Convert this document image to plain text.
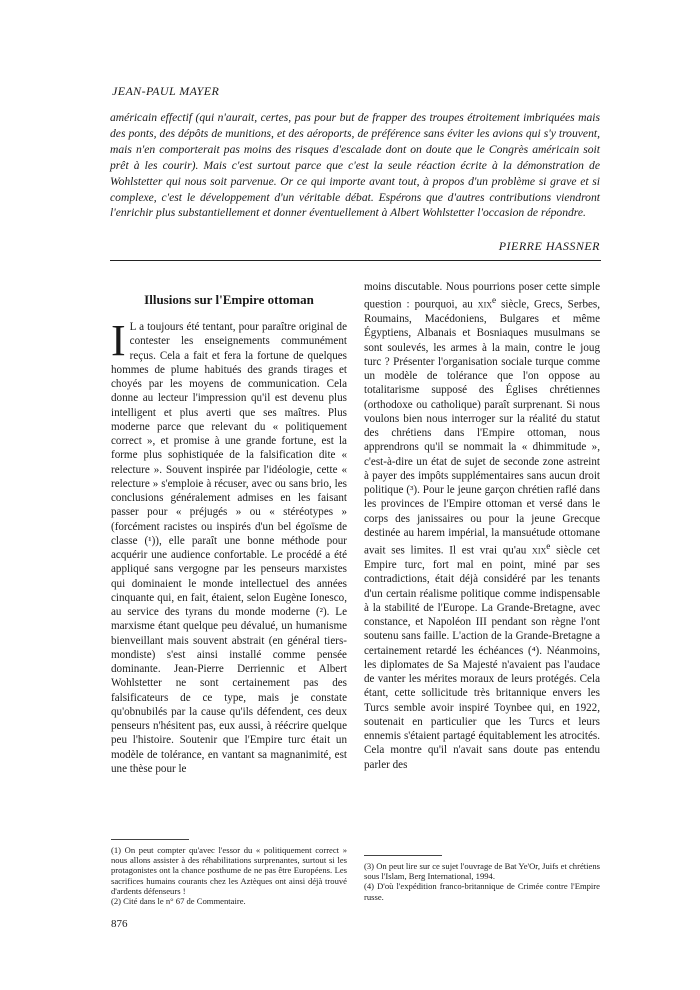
JEAN-PAUL MAYER

américain effectif (qui n'aurait, certes, pas pour but de frapper des troupes étroitement imbriquées mais des ponts, des dépôts de munitions, et des aéroports, de préférence sans éviter les avions qui s'y trouvent, mais n'en comporterait pas moins des risques d'escalade dont on doute que le Congrès américain soit prêt à les courir). Mais c'est surtout parce que c'est la seule réaction écrite à la démonstration de Wohlstetter qui nous soit parvenue. Or ce qui importe avant tout, à propos d'un problème si grave et si complexe, c'est le développement d'un véritable débat. Espérons que d'autres contributions viendront l'enrichir plus substantiellement et donner éventuellement à Albert Wohlstetter l'occasion de répondre.

PIERRE HASSNER
Illusions sur l'Empire ottoman

I L a toujours été tentant, pour paraître original de contester les enseignements communément reçus. Cela a fait et fera la fortune de quelques hommes de plume habitués des grands tirages et choyés par les moyens de communication. Cela donne au lecteur l'impression qu'il est devenu plus intelligent et plus averti que ses maîtres. Plus moderne parce que relevant du « politiquement correct », et promise à une grande fortune, est la forme plus sophistiquée de la falsification dite « relecture ». Souvent inspirée par l'idéologie, cette « relecture » s'emploie à récuser, avec ou sans brio, les conclusions généralement admises en les faisant passer pour « préjugés » ou « stéréotypes » (forcément racistes ou inspirés d'un bel égoïsme de classe (¹)), elle paraît une bonne méthode pour acquérir une audience confortable. Le procédé a été appliqué sans vergogne par les penseurs marxistes qui dominaient le monde intellectuel des années cinquante qui, en fait, étaient, selon Eugène Ionesco, au service des tyrans du monde moderne (²). Le marxisme étant quelque peu dévalué, un humanisme bienveillant mais souvent abstrait (en général tiers-mondiste) s'est ainsi installé comme pensée dominante. Jean-Pierre Derriennic et Albert Wohlstetter ne sont certainement pas des falsificateurs de ce type, mais je constate qu'obnubilés par la cause qu'ils défendent, ces deux penseurs n'hésitent pas, eux aussi, à réécrire quelque peu l'histoire. Soutenir que l'Empire turc était un modèle de tolérance, en vantant sa magnanimité, est une thèse pour le

moins discutable. Nous pourrions poser cette simple question : pourquoi, au xix$^e$ siècle, Grecs, Serbes, Roumains, Macédoniens, Bulgares et même Égyptiens, Albanais et Bosniaques musulmans se sont soulevés, les armes à la main, contre le joug turc ? Présenter l'organisation sociale turque comme un modèle de tolérance que l'on oppose au totalitarisme supposé des Églises chrétiennes (orthodoxe ou catholique) paraît surprenant. Si nous voulons bien nous interroger sur la réalité du statut des chrétiens dans l'Empire ottoman, nous apprendrons qu'il se nommait la « dhimmitude », c'est-à-dire un état de sujet de seconde zone astreint à payer des impôts supplémentaires sans aucun droit politique (³). Pour le jeune garçon chrétien raflé dans les provinces de l'Empire ottoman et versé dans le corps des janissaires ou pour la jeune Grecque destinée au harem impérial, la mansuétude ottomane avait ses limites. Il est vrai qu'au xix$^e$ siècle cet Empire turc, fort mal en point, miné par ses contradictions, était déjà considéré par les tenants d'un certain réalisme politique comme indispensable à la stabilité de l'Europe. La Grande-Bretagne, avec constance, et Napoléon III pendant son règne l'ont soutenu sans faille. L'action de la Grande-Bretagne a certainement retardé les échéances (⁴). Néanmoins, les diplomates de Sa Majesté n'avaient pas l'audace de vanter les mérites moraux de leurs protégés. Cela étant, cette sollicitude très britannique envers les Turcs semble avoir inspiré Toynbee qui, en 1922, soutenait en particulier que les Turcs et leurs ennemis s'étaient partagé équitablement les atrocités. Cela montre qu'il n'avait sans doute pas entendu parler des

(1) On peut compter qu'avec l'essor du « politiquement correct » nous allons assister à des réhabilitations surprenantes, surtout si les protagonistes ont la chance posthume de ne pas être Européens. Les sacrifices humains courants chez les Aztèques ont ainsi déjà trouvé d'ardents défenseurs !

(2) Cité dans le n° 67 de Commentaire.

(3) On peut lire sur ce sujet l'ouvrage de Bat Ye'Or, Juifs et chrétiens sous l'Islam, Berg International, 1994.

(4) D'où l'expédition franco-britannique de Crimée contre l'Empire russe.

876
